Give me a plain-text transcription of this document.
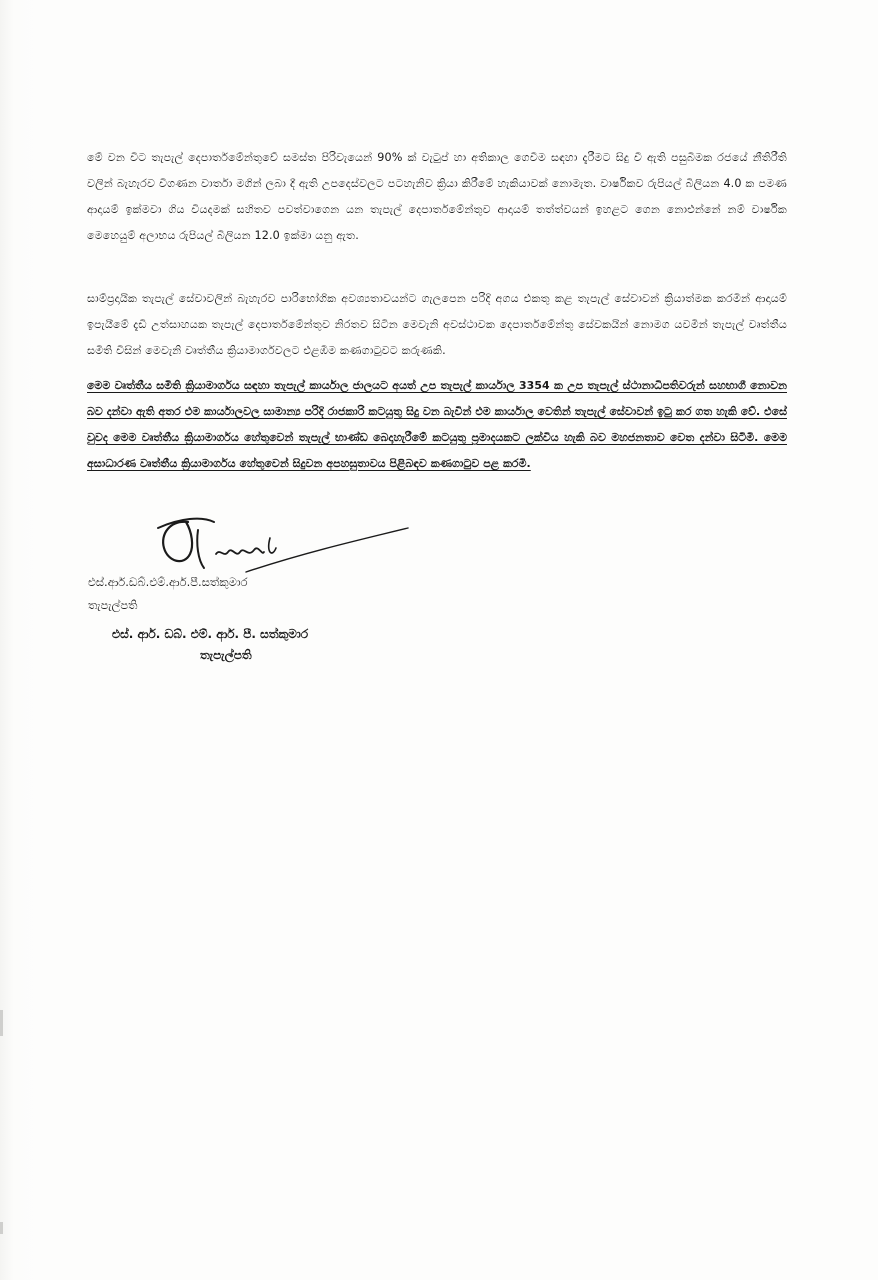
මේ වන විට තැපැල් දෙපාර්තමේන්තුවේ සමස්ත පිරිවැයෙන් 90% ක් වැටුප් හා අතිකාල ගෙවීම සඳහා දැරීමට සිදු වී ඇති පසුබිමක රජයේ නීතිරීති වලින් බැහැරව විගණන වාර්තා මගින් ලබා දී ඇති උපදෙස්වලට පටහැනිව ක්‍රියා කිරීමේ හැකියාවක් නොමැත. වාර්ෂිකව රුපියල් බිලියන 4.0 ක පමණ ආදායම් ඉක්මවා ගිය වියදමක් සහිතව පවත්වාගෙන යන තැපැල් දෙපාර්තමේන්තුව ආදායම් තත්ත්වයන් ඉහළට ගෙන නොඑන්නේ නම් වාර්ෂික මෙහෙයුම් අලාභය රුපියල් බිලියන 12.0 ඉක්මා යනු ඇත.

සාම්ප්‍රදායික තැපැල් සේවාවලින් බැහැරව පාරිභෝගික අවශ්‍යතාවයන්ට ගැලපෙන පරිදි අගය එකතු කළ තැපැල් සේවාවන් ක්‍රියාත්මක කරමින් ආදායම් ඉපැයීමේ දැඩි උත්සාහයක තැපැල් දෙපාර්තමේන්තුව නිරතව සිටින මෙවැනි අවස්ථාවක දෙපාර්තමේන්තු සේවකයින් නොමග යවමින් තැපැල් වෘත්තීය සමිති විසින් මෙවැනි වෘත්තීය ක්‍රියාමාර්ගවලට එළඹීම කණගාටුවට කරුණකි.

මෙම වෘත්තීය සමිති ක්‍රියාමාර්ගය සඳහා තැපැල් කාර්යාල ජාලයට අයත් උප තැපැල් කාර්යාල 3354 ක උප තැපැල් ස්ථානාධිපතිවරුන් සහභාගී නොවන බව දන්වා ඇති අතර එම කාර්යාලවල සාමාන්‍ය පරිදි රාජකාරි කටයුතු සිදු වන බැවින් එම කාර්යාල වෙතින් තැපැල් සේවාවන් ඉටු කර ගත හැකි වේ. එසේ වුවද මෙම වෘත්තීය ක්‍රියාමාර්ගය හේතුවෙන් තැපැල් භාණ්ඩ බෙදාහැරීමේ කටයුතු ප්‍රමාදයකට ලක්විය හැකි බව මහජනතාව වෙත දන්වා සිටිමි. මෙම අසාධාරණ වෘත්තීය ක්‍රියාමාර්ගය හේතුවෙන් සිදුවන අපහසුතාවය පිළිබඳව කණගාටුව පළ කරමි.

එස්.ආර්.ඩබ්.එම්.ආර්.පී.සත්කුමාර
තැපැල්පති
එස්. ආර්. ඩබ්. එම්. ආර්. පී. සත්කුමාර
තැපැල්පති
